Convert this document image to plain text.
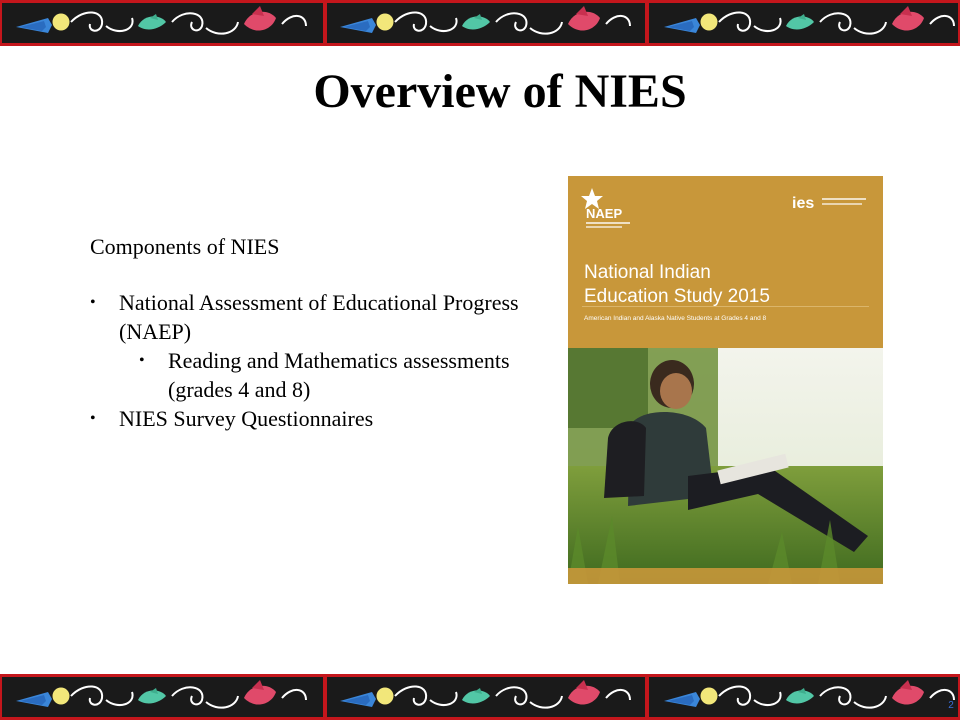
Overview of NIES
Components of NIES
• National Assessment of Educational Progress (NAEP)
• Reading and Mathematics assessments (grades 4 and 8)
• NIES Survey Questionnaires
NAEP
ies
National Indian
Education Study 2015
American Indian and Alaska Native Students at Grades 4 and 8
2
